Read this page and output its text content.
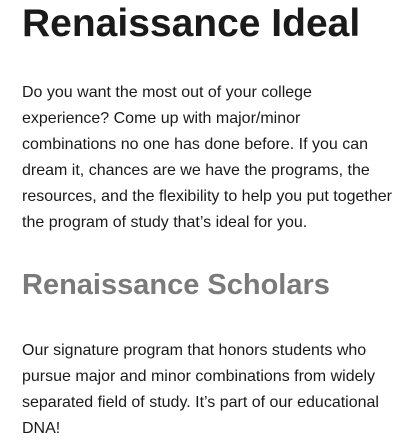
Renaissance Ideal

Do you want the most out of your college
experience? Come up with major/minor
combinations no one has done before. If you can
dream it, chances are we have the programs, the
resources, and the flexibility to help you put together
the program of study that’s ideal for you.

Renaissance Scholars

Our signature program that honors students who
pursue major and minor combinations from widely
separated field of study. It’s part of our educational
DNA!
